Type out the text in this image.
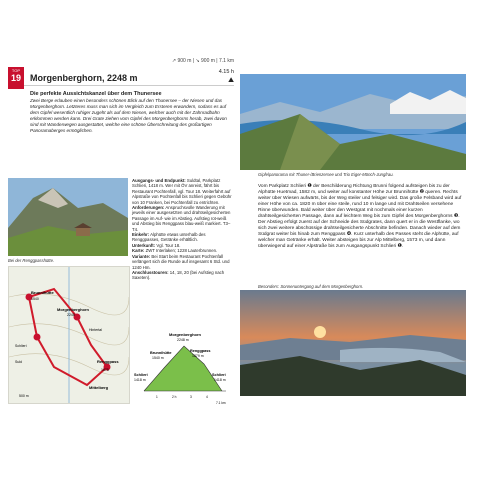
↗ 900 m | ↘ 900 m | 7.1 km
TOP
19	Morgenberghorn, 2248 m
4.15 h
⛰
Die perfekte Aussichtskanzel über dem Thunersee
Zwei Berge erlauben einen besonders schönen Blick auf den Thunersee – der Niesen und das Morgenberghorn. Letzteres muss man sich im Vergleich zum Ersteren erwandern, sodass es auf dem Gipfel wesentlich ruhiger zugeht als auf dem Niesen, welcher auch mit der Zahnradbahn erklommen werden kann. Drei Grate ziehen vom Gipfel des Morgenberghorns herab, zwei davon sind mit Wanderwegen ausgestattet, welche eine schöne Überschreitung des großartigen Panoramaberges ermöglichen.
Bei der Renggpasshütte.
Ausgangs- und Endpunkt: Suldtal, Parkplatz Schlieri, 1418 m. Wer mit ÖV anreist, fährt bis Restaurant Pochtenfall, vgl. Tour 18. Weiterfahrt auf Alpstraße von Pochtenfall bis Schlieri gegen Gebühr von 10 Franken, bei Pochtenfall zu entrichten.
Anforderungen: Anspruchsvolle Wanderung mit jeweils einer ausgesetzten und drahtseilgesicherten Passage im Auf- wie im Abstieg. Aufstieg rot-weiß und Abstieg bis Renggpass blau-weiß markiert. T3–T4.
Einkehr: Alphütte etwas unterhalb des Renggpasses, Getränke erhältlich.
Unterkunft: Vgl. Tour 18.
Karte: ZWT Interlaken; 1228 Lauterbrunnen.
Variante: Bei Start beim Restaurant Pochtenfall verlängert sich die Runde auf insgesamt 6 Std. und 1240 Hm.
Anschlusstouren: 14, 18, 20 (bei Aufstieg nach Saxeten).
Brunnihütte
1540
Morgenberghorn
2248
Renggpass
1875
Mittelberg
Schlieri
Hintertal
Suld
500 m
Morgenberghorn
2248 m
Brunnihütte
1540 m
Renggpass
1879 m
Schlieri
1418 m
Schlieri
1418 m
1	2 h	3	4
7.1 km
Gipfelpanorama mit Thuner-/Brienzersee und Trio Eiger-Mönch-Jungfrau.
Vom Parkplatz Schlieri ❶ der Beschilderung Richtung Brunni folgend aufsteigen bis zu der Alphütte Huetmad, 1582 m, und weiter auf konstanter Höhe zur Brunnihütte ❷ queren. Rechts weiter über Wiesen aufwärts, bis der Weg steiler und felsiger wird. Das große Felsband wird auf einer Höhe von ca. 1820 m über eine steile, rund 10 m lange und mit Drahtseilen versehene Rinne überwunden. Bald weiter über den Westgrat mit nochmals einer kurzen drahtseilgesicherten Passage, dann auf leichtem Weg bis zum Gipfel des Morgenberghorns ❸. Der Abstieg erfolgt zuerst auf der Schneide des Südgrates, dann quert er in die Westflanke, wo sich zwei weitere abschüssige drahtseilgesicherte Abschnitte befinden. Danach wieder auf dem Südgrat weiter bis hinab zum Renggpass ❹. Kurz unterhalb des Passes steht die Alphütte, auf welcher man Getränke erhält. Weiter absteigen bis zur Alp Mittelberg, 1573 m, und dann überwiegend auf einer Alpstraße bis zum Ausgangspunkt Schlieri ❶.
Besonders: Sonnenuntergang auf dem Morgenberghorn.
